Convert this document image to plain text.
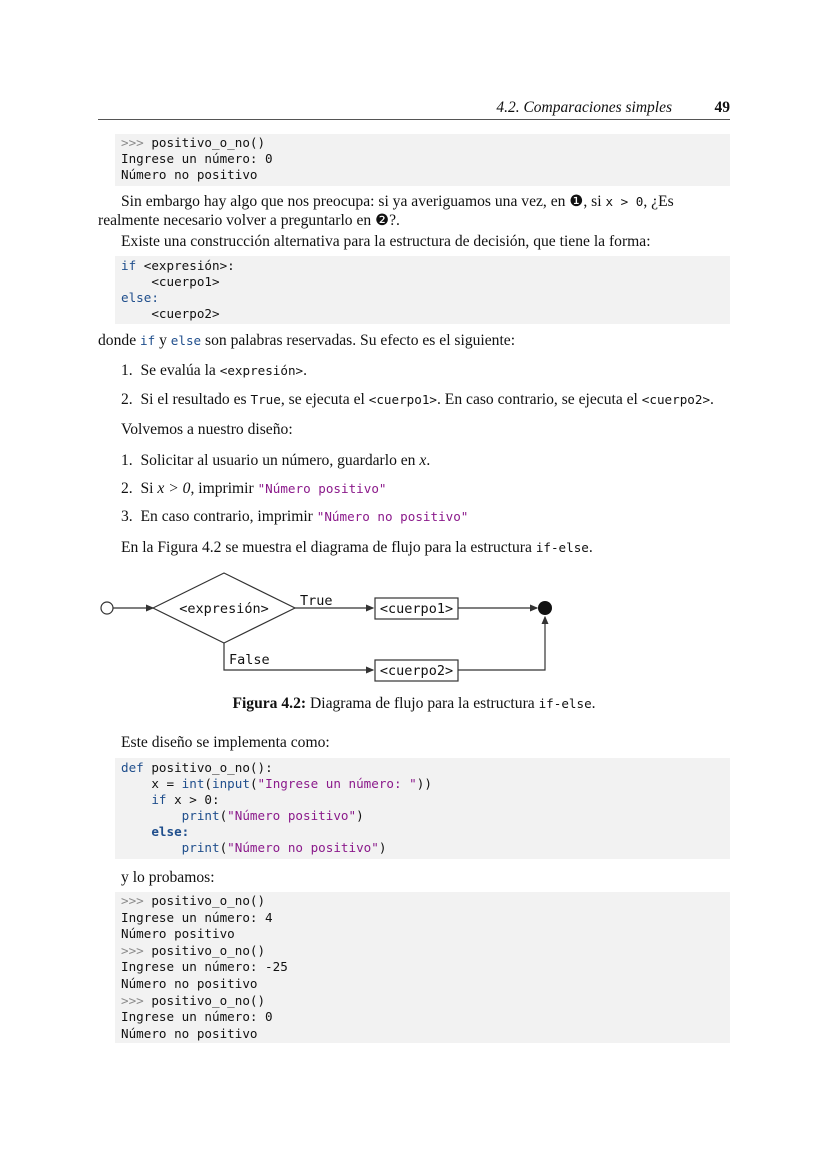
4.2. Comparaciones simples	49
>>> positivo_o_no()
Ingrese un número: 0
Número no positivo
Sin embargo hay algo que nos preocupa: si ya averiguamos una vez, en ❶, si x > 0, ¿Es
realmente necesario volver a preguntarlo en ❷?.
Existe una construcción alternativa para la estructura de decisión, que tiene la forma:
if <expresión>:
<cuerpo1>
else:
<cuerpo2>
donde if y else son palabras reservadas. Su efecto es el siguiente:
1. Se evalúa la <expresión>.
2. Si el resultado es True, se ejecuta el <cuerpo1>. En caso contrario, se ejecuta el <cuerpo2>.
Volvemos a nuestro diseño:
1. Solicitar al usuario un número, guardarlo en x.
2. Si x > 0, imprimir "Número positivo"
3. En caso contrario, imprimir "Número no positivo"
En la Figura 4.2 se muestra el diagrama de flujo para la estructura if-else.
<expresión> True	<cuerpo1>
False
<cuerpo2>
Figura 4.2: Diagrama de flujo para la estructura if-else.
Este diseño se implementa como:
def positivo_o_no():
x = int(input("Ingrese un número: "))
if x > 0:
print("Número positivo")
else:
print("Número no positivo")
y lo probamos:
>>> positivo_o_no()
Ingrese un número: 4
Número positivo
>>> positivo_o_no()
Ingrese un número: -25
Número no positivo
>>> positivo_o_no()
Ingrese un número: 0
Número no positivo
